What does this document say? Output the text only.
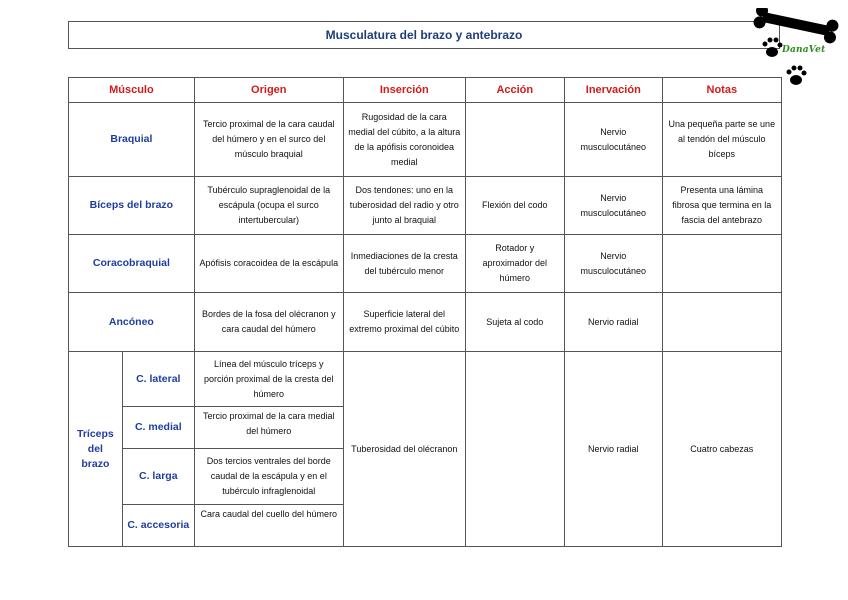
Musculatura del brazo y antebrazo
DanaVet
Músculo		Origen	Inserción	Acción	Inervación	Notas
Braquial		Tercio proximal de la cara caudal del húmero y en el surco del músculo braquial	Rugosidad de la cara medial del cúbito, a la altura de la apófisis coronoidea medial		Nervio musculocutáneo	Una pequeña parte se une al tendón del músculo bíceps
Bíceps del brazo		Tubérculo supraglenoidal de la escápula (ocupa el surco intertubercular)	Dos tendones: uno en la tuberosidad del radio y otro junto al braquial	Flexión del codo	Nervio musculocutáneo	Presenta una lámina fibrosa que termina en la fascia del antebrazo
Coracobraquial		Apófisis coracoidea de la escápula	Inmediaciones de la cresta del tubérculo menor	Rotador y aproximador del húmero	Nervio musculocutáneo	
Ancóneo		Bordes de la fosa del olécranon y cara caudal del húmero	Superficie lateral del extremo proximal del cúbito	Sujeta al codo	Nervio radial	
Tríceps del brazo	C. lateral	Línea del músculo tríceps y porción proximal de la cresta del húmero	Tuberosidad del olécranon		Nervio radial	Cuatro cabezas
	C. medial	Tercio proximal de la cara medial del húmero				
	C. larga	Dos tercios ventrales del borde caudal de la escápula y en el tubérculo infraglenoidal				
	C. accesoria	Cara caudal del cuello del húmero				
